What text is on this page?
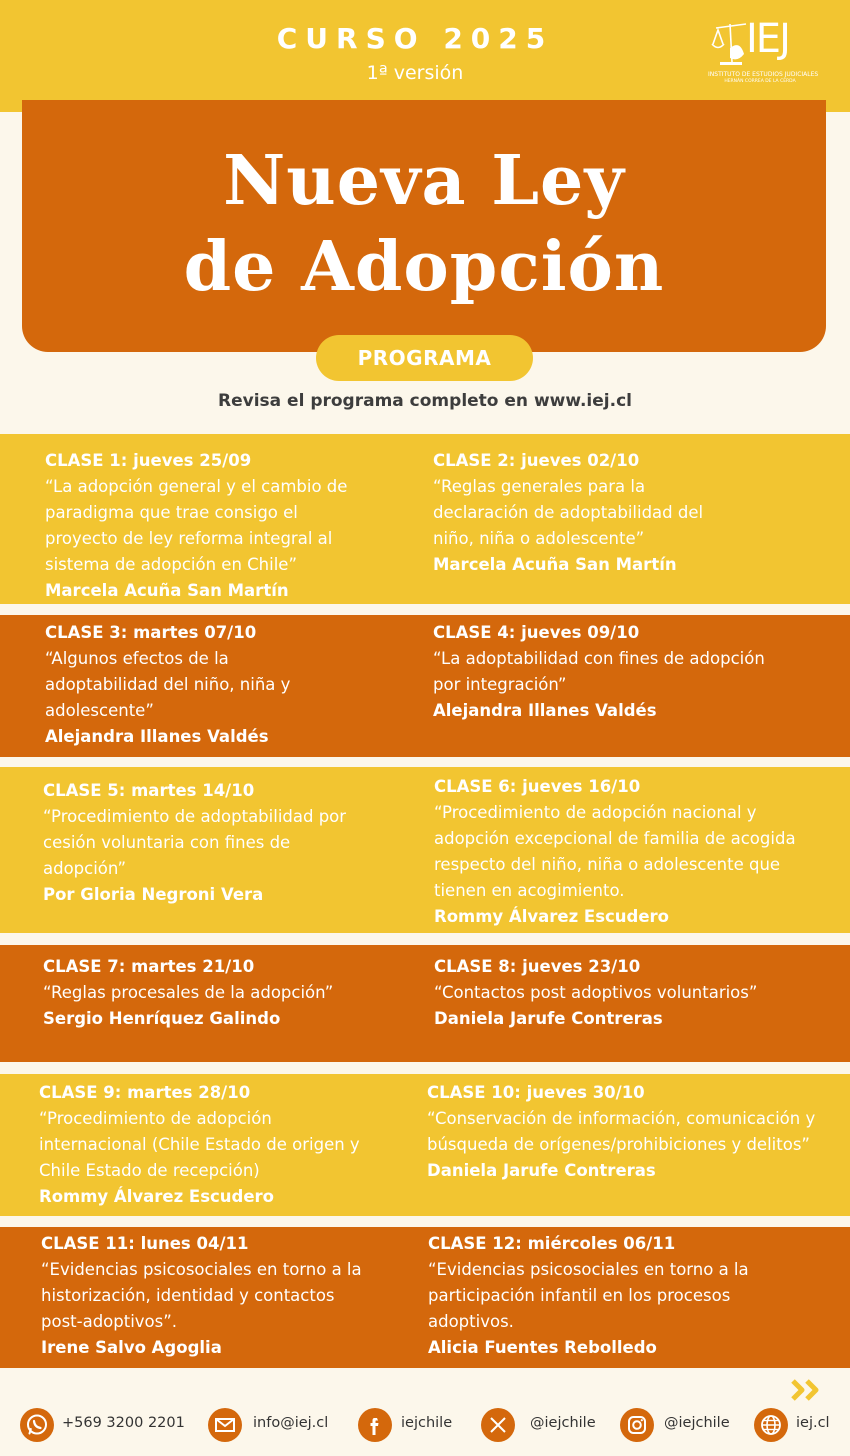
CURSO 2025
1ª versión
IEJ
INSTITUTO DE ESTUDIOS JUDICIALES
HERNÁN CORREA DE LA CERDA
Nueva Ley
de Adopción
PROGRAMA
Revisa el programa completo en www.iej.cl
CLASE 1: jueves 25/09
“La adopción general y el cambio de paradigma que trae consigo el proyecto de ley reforma integral al sistema de adopción en Chile”
Marcela Acuña San Martín
CLASE 2: jueves 02/10
“Reglas generales para la declaración de adoptabilidad del niño, niña o adolescente”
Marcela Acuña San Martín
CLASE 3: martes 07/10
“Algunos efectos de la adoptabilidad del niño, niña y adolescente”
Alejandra Illanes Valdés
CLASE 4: jueves 09/10
“La adoptabilidad con fines de adopción por integración”
Alejandra Illanes Valdés
CLASE 5: martes 14/10
“Procedimiento de adoptabilidad por cesión voluntaria con fines de adopción”
Por Gloria Negroni Vera
CLASE 6: jueves 16/10
“Procedimiento de adopción nacional y adopción excepcional de familia de acogida respecto del niño, niña o adolescente que tienen en acogimiento.
Rommy Álvarez Escudero
CLASE 7: martes 21/10
“Reglas procesales de la adopción”
Sergio Henríquez Galindo
CLASE 8: jueves 23/10
“Contactos post adoptivos voluntarios”
Daniela Jarufe Contreras
CLASE 9: martes 28/10
“Procedimiento de adopción internacional (Chile Estado de origen y Chile Estado de recepción)
Rommy Álvarez Escudero
CLASE 10: jueves 30/10
“Conservación de información, comunicación y búsqueda de orígenes/prohibiciones y delitos”
Daniela Jarufe Contreras
CLASE 11: lunes 04/11
“Evidencias psicosociales en torno a la historización, identidad y contactos post-adoptivos”.
Irene Salvo Agoglia
CLASE 12: miércoles 06/11
“Evidencias psicosociales en torno a la participación infantil en los procesos adoptivos.
Alicia Fuentes Rebolledo
+569 3200 2201	info@iej.cl	iejchile	@iejchile	@iejchile	iej.cl
